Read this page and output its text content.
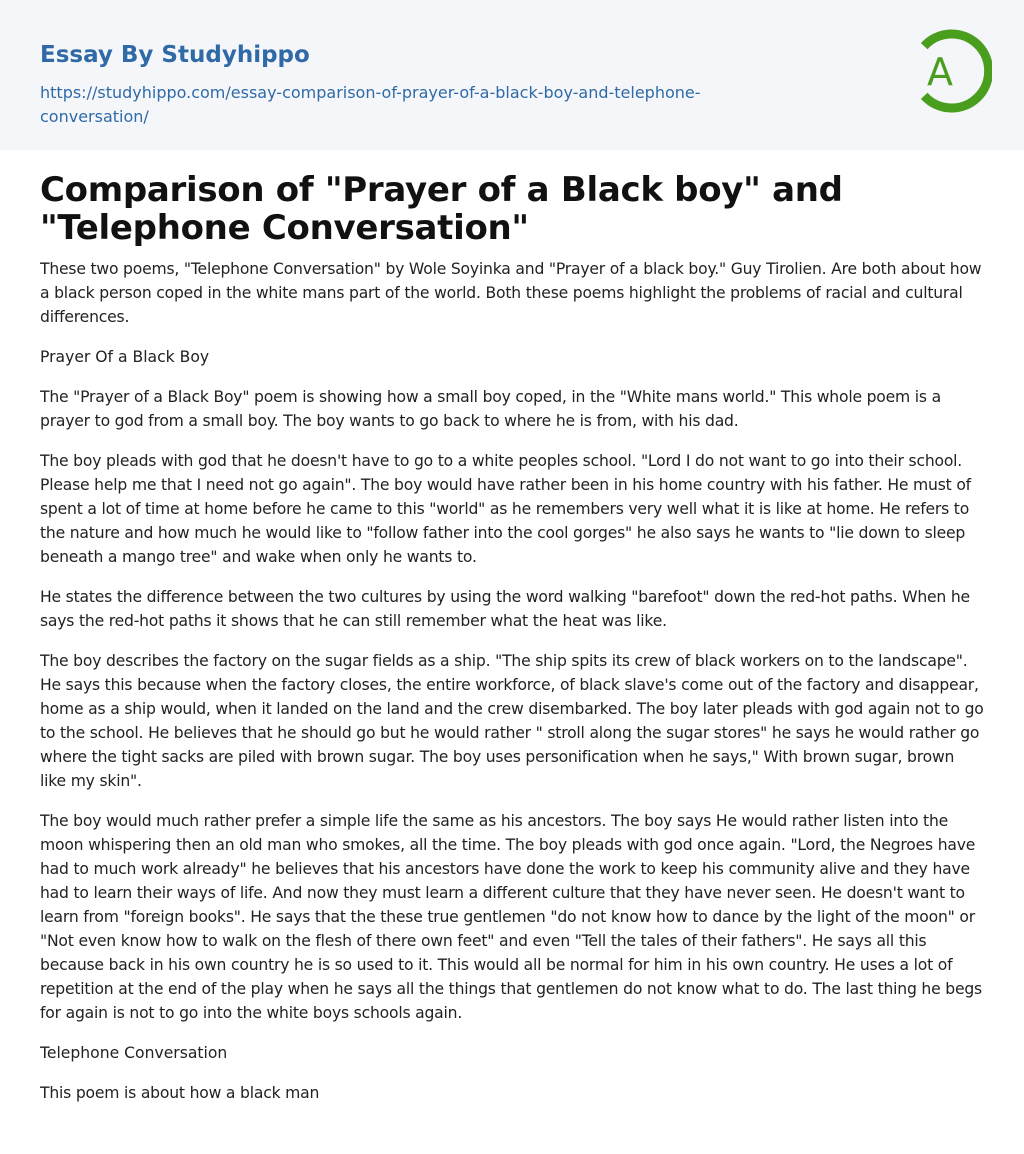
Essay By Studyhippo
https://studyhippo.com/essay-comparison-of-prayer-of-a-black-boy-and-telephone-conversation/
A
Comparison of "Prayer of a Black boy" and "Telephone Conversation"

These two poems, "Telephone Conversation" by Wole Soyinka and "Prayer of a black boy." Guy Tirolien. Are both about how a black person coped in the white mans part of the world. Both these poems highlight the problems of racial and cultural differences.

Prayer Of a Black Boy

The "Prayer of a Black Boy" poem is showing how a small boy coped, in the "White mans world." This whole poem is a prayer to god from a small boy. The boy wants to go back to where he is from, with his dad.

The boy pleads with god that he doesn't have to go to a white peoples school. "Lord I do not want to go into their school. Please help me that I need not go again". The boy would have rather been in his home country with his father. He must of spent a lot of time at home before he came to this "world" as he remembers very well what it is like at home. He refers to the nature and how much he would like to "follow father into the cool gorges" he also says he wants to "lie down to sleep beneath a mango tree" and wake when only he wants to.

He states the difference between the two cultures by using the word walking "barefoot" down the red-hot paths. When he says the red-hot paths it shows that he can still remember what the heat was like.

The boy describes the factory on the sugar fields as a ship. "The ship spits its crew of black workers on to the landscape". He says this because when the factory closes, the entire workforce, of black slave's come out of the factory and disappear, home as a ship would, when it landed on the land and the crew disembarked. The boy later pleads with god again not to go to the school. He believes that he should go but he would rather " stroll along the sugar stores" he says he would rather go where the tight sacks are piled with brown sugar. The boy uses personification when he says," With brown sugar, brown like my skin".

The boy would much rather prefer a simple life the same as his ancestors. The boy says He would rather listen into the moon whispering then an old man who smokes, all the time. The boy pleads with god once again. "Lord, the Negroes have had to much work already" he believes that his ancestors have done the work to keep his community alive and they have had to learn their ways of life. And now they must learn a different culture that they have never seen. He doesn't want to learn from "foreign books". He says that the these true gentlemen "do not know how to dance by the light of the moon" or "Not even know how to walk on the flesh of there own feet" and even "Tell the tales of their fathers". He says all this because back in his own country he is so used to it. This would all be normal for him in his own country. He uses a lot of repetition at the end of the play when he says all the things that gentlemen do not know what to do. The last thing he begs for again is not to go into the white boys schools again.

Telephone Conversation

This poem is about how a black man
